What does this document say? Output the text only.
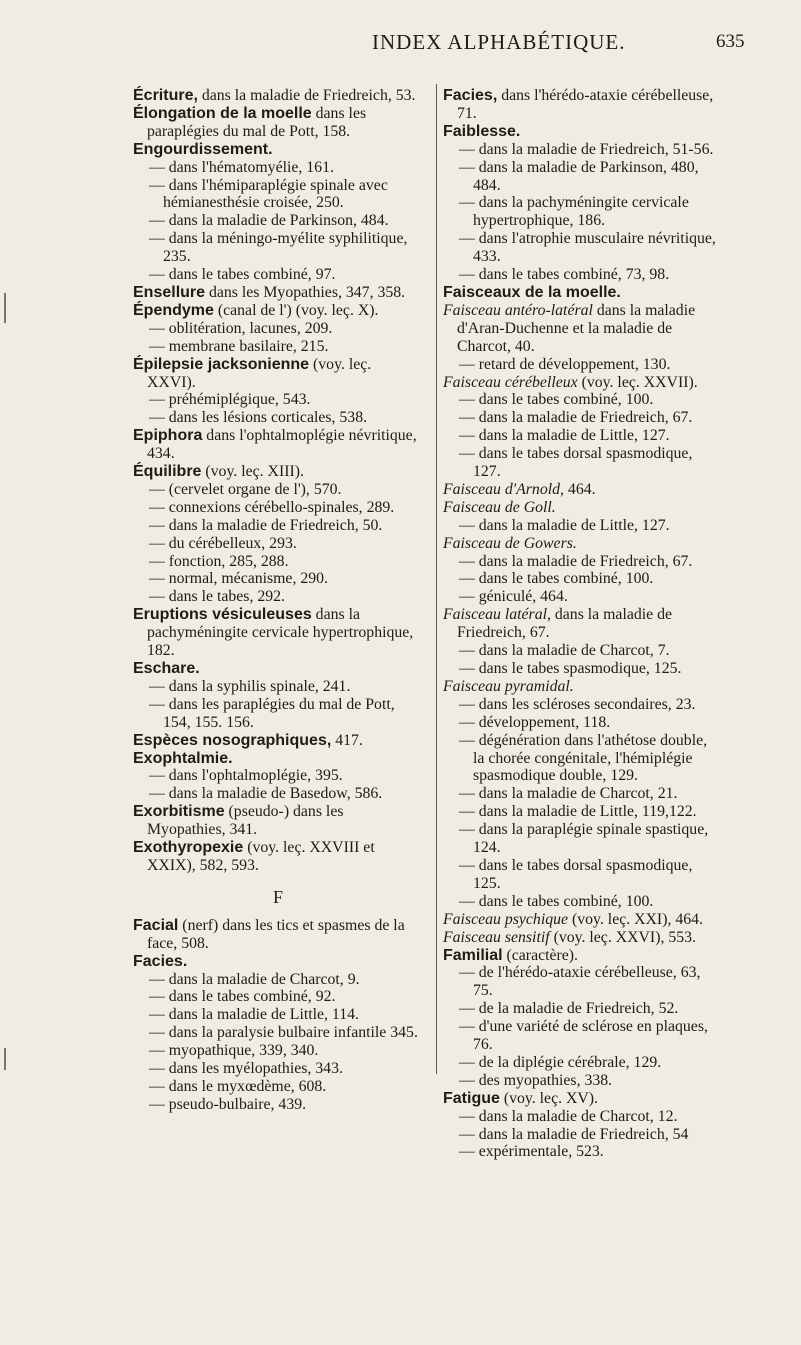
INDEX ALPHABÉTIQUE.	635
Écriture, dans la maladie de Friedreich, 53.
Élongation de la moelle dans les paraplégies du mal de Pott, 158.
Engourdissement.
— dans l'hématomyélie, 161.
— dans l'hémiparaplégie spinale avec hémianesthésie croisée, 250.
— dans la maladie de Parkinson, 484.
— dans la méningo-myélite syphilitique, 235.
— dans le tabes combiné, 97.
Ensellure dans les Myopathies, 347, 358.
Épendyme (canal de l') (voy. leç. X).
— oblitération, lacunes, 209.
— membrane basilaire, 215.
Épilepsie jacksonienne (voy. leç. XXVI).
— préhémiplégique, 543.
— dans les lésions corticales, 538.
Epiphora dans l'ophtalmoplégie névritique, 434.
Équilibre (voy. leç. XIII).
— (cervelet organe de l'), 570.
— connexions cérébello-spinales, 289.
— dans la maladie de Friedreich, 50.
— du cérébelleux, 293.
— fonction, 285, 288.
— normal, mécanisme, 290.
— dans le tabes, 292.
Eruptions vésiculeuses dans la pachyméningite cervicale hypertrophique, 182.
Eschare.
— dans la syphilis spinale, 241.
— dans les paraplégies du mal de Pott, 154, 155. 156.
Espèces nosographiques, 417.
Exophtalmie.
— dans l'ophtalmoplégie, 395.
— dans la maladie de Basedow, 586.
Exorbitisme (pseudo-) dans les Myopathies, 341.
Exothyropexie (voy. leç. XXVIII et XXIX), 582, 593.
F
Facial (nerf) dans les tics et spasmes de la face, 508.
Facies.
— dans la maladie de Charcot, 9.
— dans le tabes combiné, 92.
— dans la maladie de Little, 114.
— dans la paralysie bulbaire infantile 345.
— myopathique, 339, 340.
— dans les myélopathies, 343.
— dans le myxœdème, 608.
— pseudo-bulbaire, 439.
Facies, dans l'hérédo-ataxie cérébelleuse, 71.
Faiblesse.
— dans la maladie de Friedreich, 51-56.
— dans la maladie de Parkinson, 480, 484.
— dans la pachyméningite cervicale hypertrophique, 186.
— dans l'atrophie musculaire névritique, 433.
— dans le tabes combiné, 73, 98.
Faisceaux de la moelle.
Faisceau antéro-latéral dans la maladie d'Aran-Duchenne et la maladie de Charcot, 40.
— retard de développement, 130.
Faisceau cérébelleux (voy. leç. XXVII).
— dans le tabes combiné, 100.
— dans la maladie de Friedreich, 67.
— dans la maladie de Little, 127.
— dans le tabes dorsal spasmodique, 127.
Faisceau d'Arnold, 464.
Faisceau de Goll.
— dans la maladie de Little, 127.
Faisceau de Gowers.
— dans la maladie de Friedreich, 67.
— dans le tabes combiné, 100.
— géniculé, 464.
Faisceau latéral, dans la maladie de Friedreich, 67.
— dans la maladie de Charcot, 7.
— dans le tabes spasmodique, 125.
Faisceau pyramidal.
— dans les scléroses secondaires, 23.
— développement, 118.
— dégénération dans l'athétose double, la chorée congénitale, l'hémiplégie spasmodique double, 129.
— dans la maladie de Charcot, 21.
— dans la maladie de Little, 119,122.
— dans la paraplégie spinale spastique, 124.
— dans le tabes dorsal spasmodique, 125.
— dans le tabes combiné, 100.
Faisceau psychique (voy. leç. XXI), 464.
Faisceau sensitif (voy. leç. XXVI), 553.
Familial (caractère).
— de l'hérédo-ataxie cérébelleuse, 63, 75.
— de la maladie de Friedreich, 52.
— d'une variété de sclérose en plaques, 76.
— de la diplégie cérébrale, 129.
— des myopathies, 338.
Fatigue (voy. leç. XV).
— dans la maladie de Charcot, 12.
— dans la maladie de Friedreich, 54
— expérimentale, 523.
